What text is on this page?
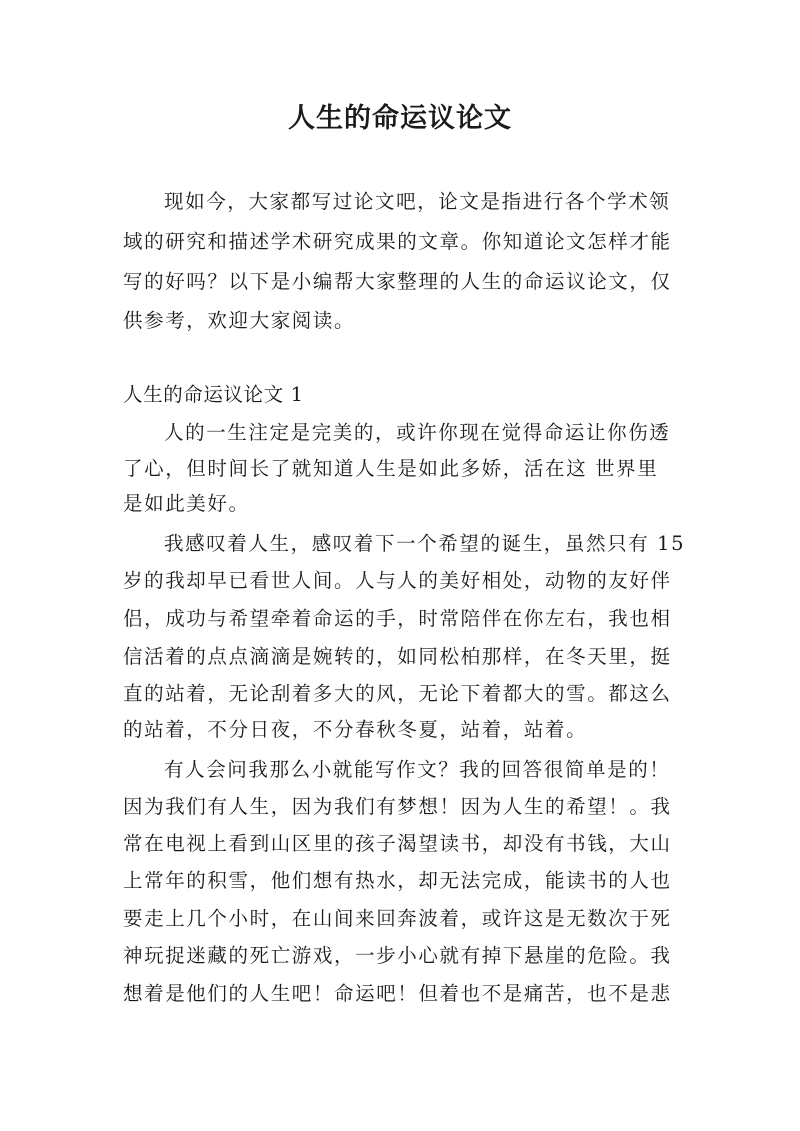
人生的命运议论文

现如今，大家都写过论文吧，论文是指进行各个学术领

域的研究和描述学术研究成果的文章。你知道论文怎样才能

写的好吗？以下是小编帮大家整理的人生的命运议论文，仅

供参考，欢迎大家阅读。

人生的命运议论文 1

人的一生注定是完美的，或许你现在觉得命运让你伤透

了心，但时间长了就知道人生是如此多娇，活在这 世界里

是如此美好。

我感叹着人生，感叹着下一个希望的诞生，虽然只有 15

岁的我却早已看世人间。人与人的美好相处，动物的友好伴

侣，成功与希望牵着命运的手，时常陪伴在你左右，我也相

信活着的点点滴滴是婉转的，如同松柏那样，在冬天里，挺

直的站着，无论刮着多大的风，无论下着都大的雪。都这么

的站着，不分日夜，不分春秋冬夏，站着，站着。

有人会问我那么小就能写作文？我的回答很简单是的！

因为我们有人生，因为我们有梦想！因为人生的希望！。我

常在电视上看到山区里的孩子渴望读书，却没有书钱，大山

上常年的积雪，他们想有热水，却无法完成，能读书的人也

要走上几个小时，在山间来回奔波着，或许这是无数次于死

神玩捉迷藏的死亡游戏，一步小心就有掉下悬崖的危险。我

想着是他们的人生吧！命运吧！但着也不是痛苦，也不是悲
